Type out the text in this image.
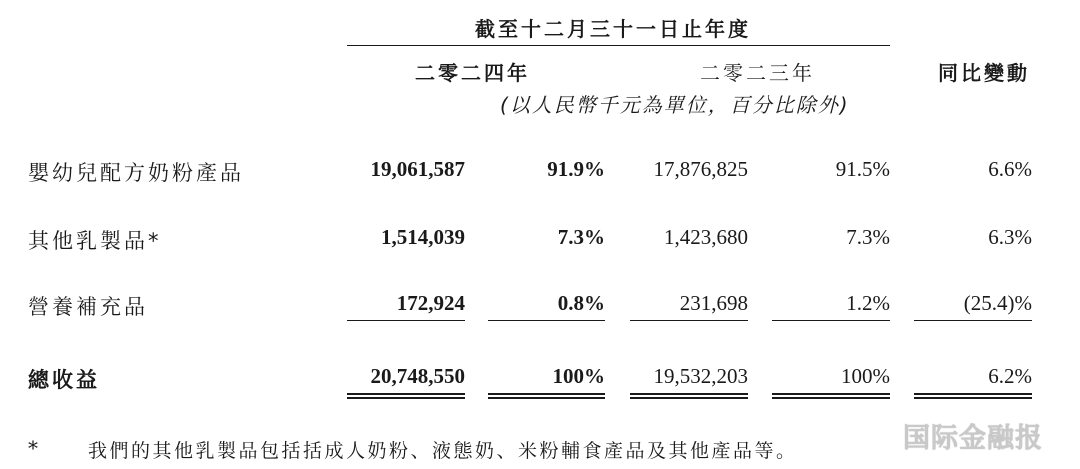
截至十二月三十一日止年度
二零二四年	二零二三年	同比變動
(以人民幣千元為單位，百分比除外)
嬰幼兒配方奶粉產品	19,061,587	91.9% 17,876,825	91.5%	6.6%
其他乳製品*	1,514,039	7.3%	1,423,680	7.3%	6.3%
營養補充品	172,924	0.8%	231,698	1.2%	(25.4)%
總收益	20,748,550	100% 19,532,203	100%	6.2%
*	我們的其他乳製品包括括成人奶粉、液態奶、米粉輔食產品及其他產品等。	国际金融报
